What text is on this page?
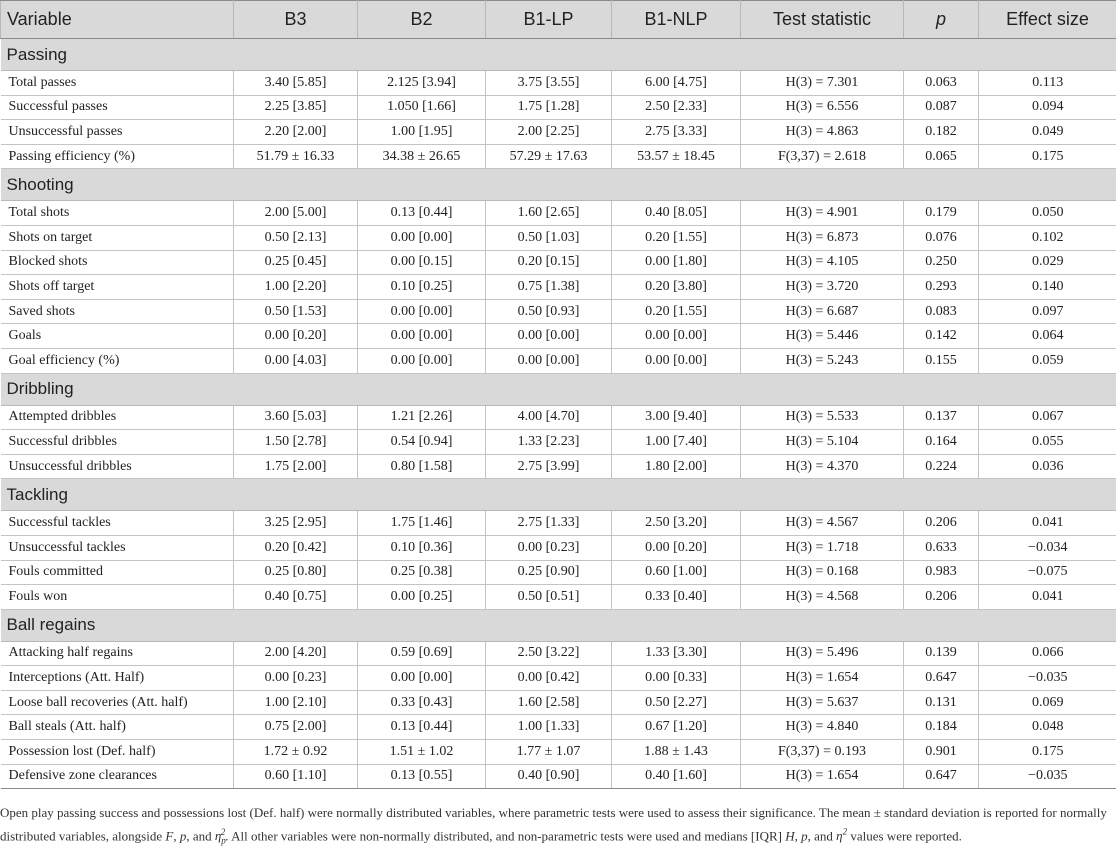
Variable	B3	B2	B1-LP	B1-NLP	Test statistic	p	Effect size
Passing							
Total passes	3.40 [5.85]	2.125 [3.94]	3.75 [3.55]	6.00 [4.75]	H(3) = 7.301	0.063	0.113
Successful passes	2.25 [3.85]	1.050 [1.66]	1.75 [1.28]	2.50 [2.33]	H(3) = 6.556	0.087	0.094
Unsuccessful passes	2.20 [2.00]	1.00 [1.95]	2.00 [2.25]	2.75 [3.33]	H(3) = 4.863	0.182	0.049
Passing efficiency (%)	51.79 ± 16.33	34.38 ± 26.65	57.29 ± 17.63	53.57 ± 18.45	F(3,37) = 2.618	0.065	0.175
Shooting							
Total shots	2.00 [5.00]	0.13 [0.44]	1.60 [2.65]	0.40 [8.05]	H(3) = 4.901	0.179	0.050
Shots on target	0.50 [2.13]	0.00 [0.00]	0.50 [1.03]	0.20 [1.55]	H(3) = 6.873	0.076	0.102
Blocked shots	0.25 [0.45]	0.00 [0.15]	0.20 [0.15]	0.00 [1.80]	H(3) = 4.105	0.250	0.029
Shots off target	1.00 [2.20]	0.10 [0.25]	0.75 [1.38]	0.20 [3.80]	H(3) = 3.720	0.293	0.140
Saved shots	0.50 [1.53]	0.00 [0.00]	0.50 [0.93]	0.20 [1.55]	H(3) = 6.687	0.083	0.097
Goals	0.00 [0.20]	0.00 [0.00]	0.00 [0.00]	0.00 [0.00]	H(3) = 5.446	0.142	0.064
Goal efficiency (%)	0.00 [4.03]	0.00 [0.00]	0.00 [0.00]	0.00 [0.00]	H(3) = 5.243	0.155	0.059
Dribbling							
Attempted dribbles	3.60 [5.03]	1.21 [2.26]	4.00 [4.70]	3.00 [9.40]	H(3) = 5.533	0.137	0.067
Successful dribbles	1.50 [2.78]	0.54 [0.94]	1.33 [2.23]	1.00 [7.40]	H(3) = 5.104	0.164	0.055
Unsuccessful dribbles	1.75 [2.00]	0.80 [1.58]	2.75 [3.99]	1.80 [2.00]	H(3) = 4.370	0.224	0.036
Tackling							
Successful tackles	3.25 [2.95]	1.75 [1.46]	2.75 [1.33]	2.50 [3.20]	H(3) = 4.567	0.206	0.041
Unsuccessful tackles	0.20 [0.42]	0.10 [0.36]	0.00 [0.23]	0.00 [0.20]	H(3) = 1.718	0.633	−0.034
Fouls committed	0.25 [0.80]	0.25 [0.38]	0.25 [0.90]	0.60 [1.00]	H(3) = 0.168	0.983	−0.075
Fouls won	0.40 [0.75]	0.00 [0.25]	0.50 [0.51]	0.33 [0.40]	H(3) = 4.568	0.206	0.041
Ball regains							
Attacking half regains	2.00 [4.20]	0.59 [0.69]	2.50 [3.22]	1.33 [3.30]	H(3) = 5.496	0.139	0.066
Interceptions (Att. Half)	0.00 [0.23]	0.00 [0.00]	0.00 [0.42]	0.00 [0.33]	H(3) = 1.654	0.647	−0.035
Loose ball recoveries (Att. half)	1.00 [2.10]	0.33 [0.43]	1.60 [2.58]	0.50 [2.27]	H(3) = 5.637	0.131	0.069
Ball steals (Att. half)	0.75 [2.00]	0.13 [0.44]	1.00 [1.33]	0.67 [1.20]	H(3) = 4.840	0.184	0.048
Possession lost (Def. half)	1.72 ± 0.92	1.51 ± 1.02	1.77 ± 1.07	1.88 ± 1.43	F(3,37) = 0.193	0.901	0.175
Defensive zone clearances	0.60 [1.10]	0.13 [0.55]	0.40 [0.90]	0.40 [1.60]	H(3) = 1.654	0.647	−0.035
Open play passing success and possessions lost (Def. half) were normally distributed variables, where parametric tests were used to assess their significance. The mean ± standard deviation is reported for normally distributed variables, alongside F, p, and $\eta_p^2$. All other variables were non-normally distributed, and non-parametric tests were used and medians [IQR] H, p, and $\eta^2$ values were reported.
